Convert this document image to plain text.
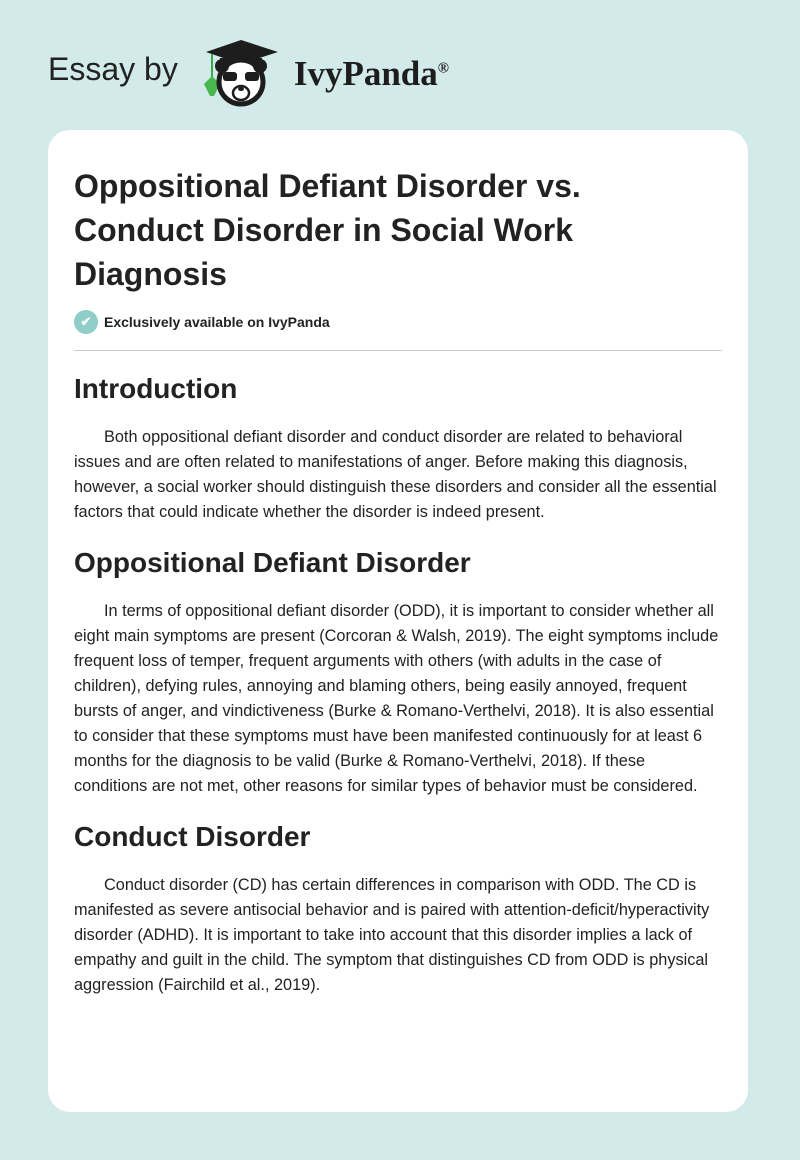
Essay by	IvyPanda®
Oppositional Defiant Disorder vs. Conduct Disorder in Social Work Diagnosis
✔ Exclusively available on IvyPanda
Introduction

Both oppositional defiant disorder and conduct disorder are related to behavioral issues and are often related to manifestations of anger. Before making this diagnosis, however, a social worker should distinguish these disorders and consider all the essential factors that could indicate whether the disorder is indeed present.

Oppositional Defiant Disorder

In terms of oppositional defiant disorder (ODD), it is important to consider whether all eight main symptoms are present (Corcoran & Walsh, 2019). The eight symptoms include frequent loss of temper, frequent arguments with others (with adults in the case of children), defying rules, annoying and blaming others, being easily annoyed, frequent bursts of anger, and vindictiveness (Burke & Romano-Verthelvi, 2018). It is also essential to consider that these symptoms must have been manifested continuously for at least 6 months for the diagnosis to be valid (Burke & Romano-Verthelvi, 2018). If these conditions are not met, other reasons for similar types of behavior must be considered.

Conduct Disorder

Conduct disorder (CD) has certain differences in comparison with ODD. The CD is manifested as severe antisocial behavior and is paired with attention-deficit/hyperactivity disorder (ADHD). It is important to take into account that this disorder implies a lack of empathy and guilt in the child. The symptom that distinguishes CD from ODD is physical aggression (Fairchild et al., 2019).
